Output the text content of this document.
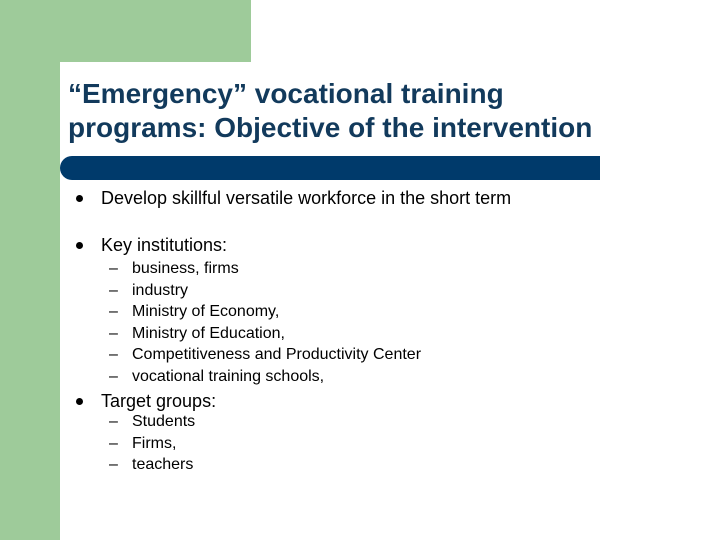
“Emergency” vocational training
programs: Objective of the intervention
Develop skillful versatile workforce in the short term
Key institutions:
– business, firms
– industry
– Ministry of Economy,
– Ministry of Education,
– Competitiveness and Productivity Center
– vocational training schools,
Target groups:
– Students
– Firms,
– teachers
